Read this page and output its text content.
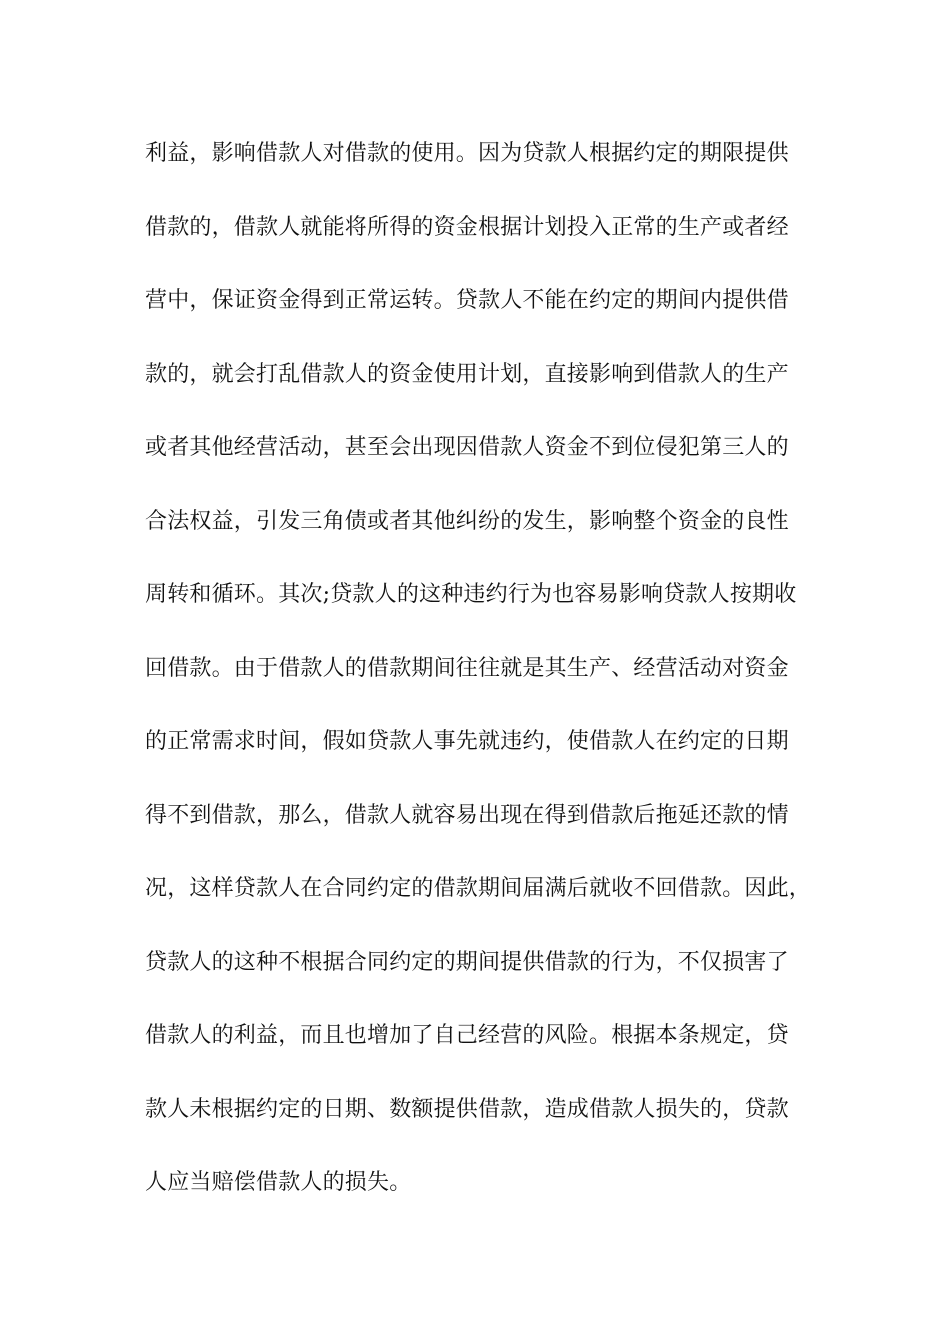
利益，影响借款人对借款的使用。因为贷款人根据约定的期限提供
借款的，借款人就能将所得的资金根据计划投入正常的生产或者经
营中，保证资金得到正常运转。贷款人不能在约定的期间内提供借
款的，就会打乱借款人的资金使用计划，直接影响到借款人的生产
或者其他经营活动，甚至会出现因借款人资金不到位侵犯第三人的
合法权益，引发三角债或者其他纠纷的发生，影响整个资金的良性
周转和循环。其次;贷款人的这种违约行为也容易影响贷款人按期收
回借款。由于借款人的借款期间往往就是其生产、经营活动对资金
的正常需求时间，假如贷款人事先就违约，使借款人在约定的日期
得不到借款，那么，借款人就容易出现在得到借款后拖延还款的情
况，这样贷款人在合同约定的借款期间届满后就收不回借款。因此，
贷款人的这种不根据合同约定的期间提供借款的行为，不仅损害了
借款人的利益，而且也增加了自己经营的风险。根据本条规定，贷
款人未根据约定的日期、数额提供借款，造成借款人损失的，贷款
人应当赔偿借款人的损失。
